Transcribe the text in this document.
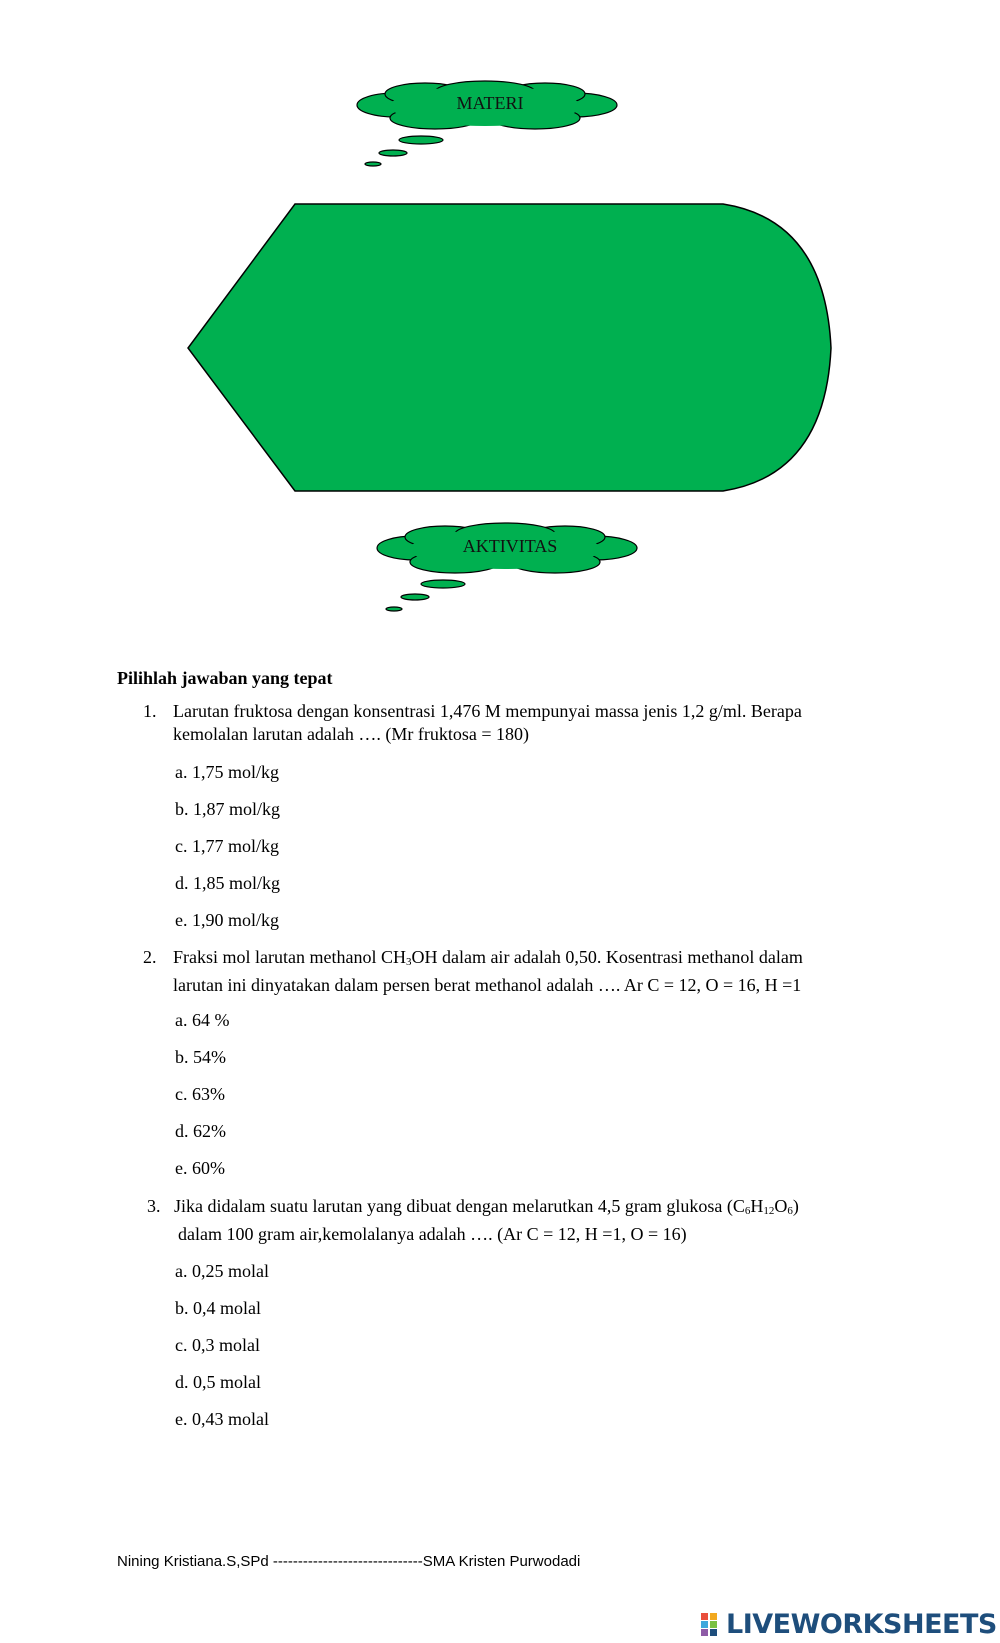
MATERI
AKTIVITAS
Pilihlah jawaban yang tepat
1. Larutan fruktosa dengan konsentrasi 1,476 M mempunyai massa jenis 1,2 g/ml. Berapa
kemolalan larutan adalah …. (Mr fruktosa = 180)
a. 1,75 mol/kg
b. 1,87 mol/kg
c. 1,77 mol/kg
d. 1,85 mol/kg
e. 1,90 mol/kg
2. Fraksi mol larutan methanol $CH_3OH$ dalam air adalah 0,50. Kosentrasi methanol dalam
larutan ini dinyatakan dalam persen berat methanol adalah …. Ar C = 12, O = 16, H =1
a. 64 %
b. 54%
c. 63%
d. 62%
e. 60%
3. Jika didalam suatu larutan yang dibuat dengan melarutkan 4,5 gram glukosa $(C_6H_{12}O_6)$
dalam 100 gram air,kemolalanya adalah …. (Ar C = 12, H =1, O = 16)
a. 0,25 molal
b. 0,4 molal
c. 0,3 molal
d. 0,5 molal
e. 0,43 molal
Nining Kristiana.S,SPd ------------------------------SMA Kristen Purwodadi
LIVEWORKSHEETS
